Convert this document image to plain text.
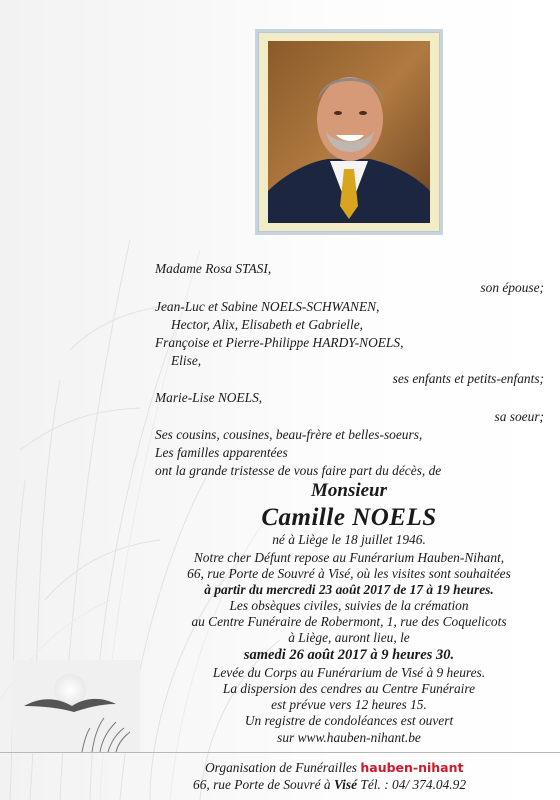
Madame Rosa STASI,
son épouse;
Jean-Luc et Sabine NOELS-SCHWANEN,
Hector, Alix, Elisabeth et Gabrielle,
Françoise et Pierre-Philippe HARDY-NOELS,
Elise,
ses enfants et petits-enfants;
Marie-Lise NOELS,
sa soeur;
Ses cousins, cousines, beau-frère et belles-soeurs,
Les familles apparentées
ont la grande tristesse de vous faire part du décès, de
Monsieur
Camille NOELS
né à Liège le 18 juillet 1946.
Notre cher Défunt repose au Funérarium Hauben-Nihant,
66, rue Porte de Souvré à Visé, où les visites sont souhaitées
à partir du mercredi 23 août 2017 de 17 à 19 heures.
Les obsèques civiles, suivies de la crémation
au Centre Funéraire de Robermont, 1, rue des Coquelicots
à Liège, auront lieu, le
samedi 26 août 2017 à 9 heures 30.
Levée du Corps au Funérarium de Visé à 9 heures.
La dispersion des cendres au Centre Funéraire
est prévue vers 12 heures 15.
Un registre de condoléances est ouvert
sur www.hauben-nihant.be
Organisation de Funérailles hauben-nihant
66, rue Porte de Souvré à Visé Tél. : 04/ 374.04.92
